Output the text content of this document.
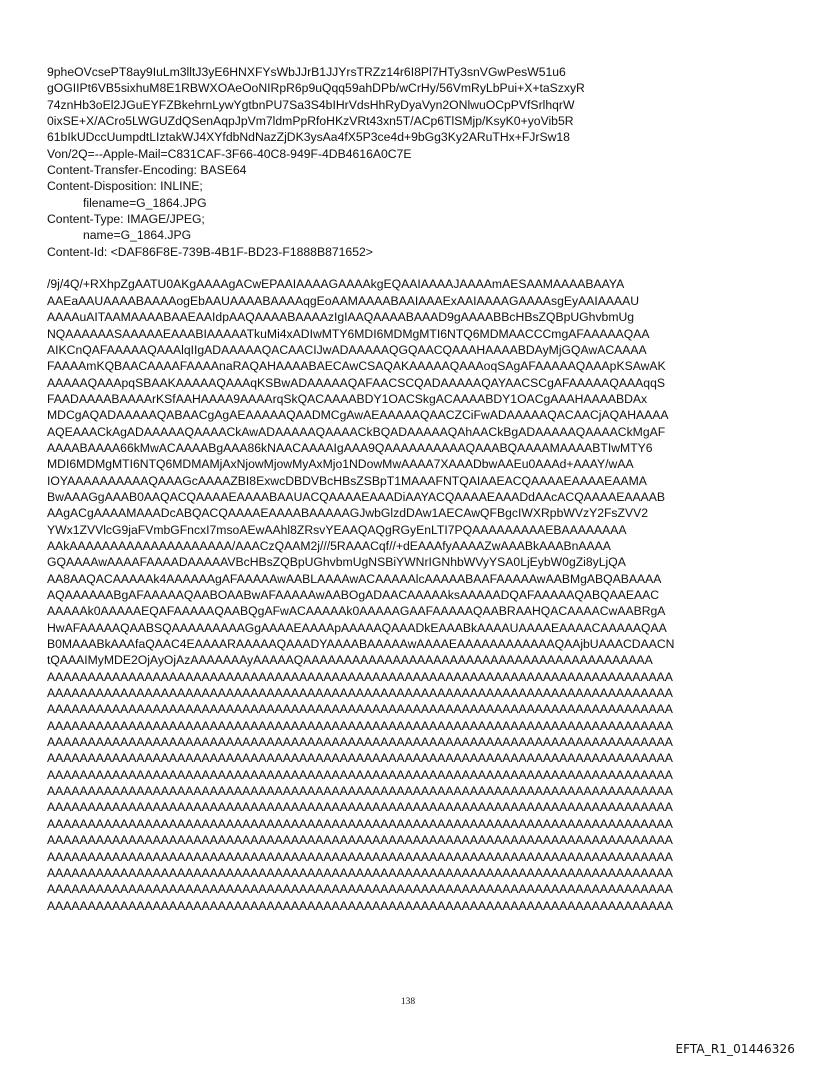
9pheOVcsePT8ay9IuLm3lltJ3yE6HNXFYsWbJJrB1JJYrsTRZz14r6I8Pl7HTy3snVGwPesW51u6
gOGIIPt6VB5sixhuM8E1RBWXOAeOoNIRpR6p9uQqq59ahDPb/wCrHy/56VmRyLbPui+X+taSzxyR
74znHb3oEl2JGuEYFZBkehrnLywYgtbnPU7Sa3S4bIHrVdsHhRyDyaVyn2ONlwuOCpPVfSrlhqrW
0ixSE+X/ACro5LWGUZdQSenAqpJpVm7ldmPpRfoHKzVRt43xn5T/ACp6TlSMjp/KsyK0+yoVib5R
61bIkUDccUumpdtLIztakWJ4XYfdbNdNazZjDK3ysAa4fX5P3ce4d+9bGg3Ky2ARuTHx+FJrSw18
Von/2Q=--Apple-Mail=C831CAF-3F66-40C8-949F-4DB4616A0C7E
Content-Transfer-Encoding: BASE64
Content-Disposition: INLINE;
filename=G_1864.JPG
Content-Type: IMAGE/JPEG;
name=G_1864.JPG
Content-Id: <DAF86F8E-739B-4B1F-BD23-F1888B871652>
/9j/4Q/+RXhpZgAATU0AKgAAAAgACwEPAAIAAAAGAAAAkgEQAAIAAAAJAAAAmAESAAMAAAABAAYA
AAEaAAUAAAABAAAAogEbAAUAAAABAAAAqgEoAAMAAAABAAIAAAExAAIAAAAGAAAAsgEyAAIAAAAU
AAAAuAITAAMAAAABAAEAAIdpAAQAAAABAAAAzIgIAAQAAAABAAAD9gAAAABBcHBsZQBpUGhvbmUg
NQAAAAAASAAAAAEAAABIAAAAATkuMi4xADIwMTY6MDI6MDMgMTI6NTQ6MDMAACCCmgAFAAAAAQAA
AIKCnQAFAAAAAQAAAlqIIgADAAAAAQACAACIJwADAAAAAQGQAACQAAAHAAAABDAyMjGQAwACAAAA
FAAAAmKQBAACAAAAFAAAAnaRAQAHAAAABAECAwCSAQAKAAAAAQAAAoqSAgAFAAAAAQAAApKSAwAK
AAAAAQAAApqSBAAKAAAAAQAAAqKSBwADAAAAAQAFAACSCQADAAAAAQAYAACSCgAFAAAAAQAAAqqS
FAADAAAABAAAArKSfAAHAAAA9AAAArqSkQACAAAABDY1OACSkgACAAAABDY1OACgAAAHAAAABDAx
MDCgAQADAAAAAQABAACgAgAEAAAAAQAADMCgAwAEAAAAAQAACZCiFwADAAAAAQACAACjAQAHAAAA
AQEAAACkAgADAAAAAQAAAACkAwADAAAAAQAAAACkBQADAAAAAQAhAACkBgADAAAAAQAAAACkMgAF
AAAABAAAA66kMwACAAAABgAAA86kNAACAAAAIgAAA9QAAAAAAAAAAQAAABQAAAAMAAAABTIwMTY6
MDI6MDMgMTI6NTQ6MDMAMjAxNjowMjowMyAxMjo1NDowMwAAAA7XAAADbwAAEu0AAAd+AAAY/wAA
IOYAAAAAAAAAAQAAAGcAAAAZBI8ExwcDBDVBcHBsZSBpT1MAAAFNTQAIAAEACQAAAAEAAAAEAAMA
BwAAAGgAAAB0AAQACQAAAAEAAAABAAUACQAAAAEAAADiAAYACQAAAAEAAADdAAcACQAAAAEAAAAB
AAgACgAAAAMAAADcABQACQAAAAEAAAABAAAAAGJwbGlzdDAw1AECAwQFBgcIWXRpbWVzY2FsZVV2
YWx1ZVVlcG9jaFVmbGFncxI7msoAEwAAhl8ZRsvYEAAQAQgRGyEnLTI7PQAAAAAAAAAEBAAAAAAAA
AAkAAAAAAAAAAAAAAAAAAAA/AAACzQAAM2j///5RAAACqf//+dEAAAfyAAAAZwAAABkAAABnAAAA
GQAAAAwAAAAFAAAADAAAAAVBcHBsZQBpUGhvbmUgNSBiYWNrIGNhbWVyYSA0LjEybW0gZi8yLjQA
AA8AAQACAAAAAk4AAAAAAgAFAAAAAwAABLAAAAwACAAAAAlcAAAAABAAFAAAAAwAABMgABQABAAAA
AQAAAAAABgAFAAAAAQAABOAABwAFAAAAAwAABOgADAACAAAAAksAAAAADQAFAAAAAQABQAAEAAC
AAAAAk0AAAAAEQAFAAAAAQAABQgAFwACAAAAAk0AAAAAGAAFAAAAAQAABRAAHQACAAAACwAABRgA
HwAFAAAAAQAABSQAAAAAAAAAGgAAAAEAAAApAAAAAQAAADkEAAABkAAAAUAAAAEAAAACAAAAAQAA
B0MAAABkAAAfaQAAC4EAAAARAAAAAQAAADYAAAABAAAAAwAAAAEAAAAAAAAAAAAQAAjbUAAACDAACN
tQAAAIMyMDE2OjAyOjAzAAAAAAAyAAAAAQAAAAAAAAAAAAAAAAAAAAAAAAAAAAAAAAAAAAAAAAAAA
AAAAAAAAAAAAAAAAAAAAAAAAAAAAAAAAAAAAAAAAAAAAAAAAAAAAAAAAAAAAAAAAAAAAAAAAAAAAA
AAAAAAAAAAAAAAAAAAAAAAAAAAAAAAAAAAAAAAAAAAAAAAAAAAAAAAAAAAAAAAAAAAAAAAAAAAAAA
AAAAAAAAAAAAAAAAAAAAAAAAAAAAAAAAAAAAAAAAAAAAAAAAAAAAAAAAAAAAAAAAAAAAAAAAAAAAA
AAAAAAAAAAAAAAAAAAAAAAAAAAAAAAAAAAAAAAAAAAAAAAAAAAAAAAAAAAAAAAAAAAAAAAAAAAAAA
AAAAAAAAAAAAAAAAAAAAAAAAAAAAAAAAAAAAAAAAAAAAAAAAAAAAAAAAAAAAAAAAAAAAAAAAAAAAA
AAAAAAAAAAAAAAAAAAAAAAAAAAAAAAAAAAAAAAAAAAAAAAAAAAAAAAAAAAAAAAAAAAAAAAAAAAAAA
AAAAAAAAAAAAAAAAAAAAAAAAAAAAAAAAAAAAAAAAAAAAAAAAAAAAAAAAAAAAAAAAAAAAAAAAAAAAA
AAAAAAAAAAAAAAAAAAAAAAAAAAAAAAAAAAAAAAAAAAAAAAAAAAAAAAAAAAAAAAAAAAAAAAAAAAAAA
AAAAAAAAAAAAAAAAAAAAAAAAAAAAAAAAAAAAAAAAAAAAAAAAAAAAAAAAAAAAAAAAAAAAAAAAAAAAA
AAAAAAAAAAAAAAAAAAAAAAAAAAAAAAAAAAAAAAAAAAAAAAAAAAAAAAAAAAAAAAAAAAAAAAAAAAAAA
AAAAAAAAAAAAAAAAAAAAAAAAAAAAAAAAAAAAAAAAAAAAAAAAAAAAAAAAAAAAAAAAAAAAAAAAAAAAA
AAAAAAAAAAAAAAAAAAAAAAAAAAAAAAAAAAAAAAAAAAAAAAAAAAAAAAAAAAAAAAAAAAAAAAAAAAAAA
AAAAAAAAAAAAAAAAAAAAAAAAAAAAAAAAAAAAAAAAAAAAAAAAAAAAAAAAAAAAAAAAAAAAAAAAAAAAA
AAAAAAAAAAAAAAAAAAAAAAAAAAAAAAAAAAAAAAAAAAAAAAAAAAAAAAAAAAAAAAAAAAAAAAAAAAAAA
AAAAAAAAAAAAAAAAAAAAAAAAAAAAAAAAAAAAAAAAAAAAAAAAAAAAAAAAAAAAAAAAAAAAAAAAAAAAA
138
EFTA_R1_01446326
